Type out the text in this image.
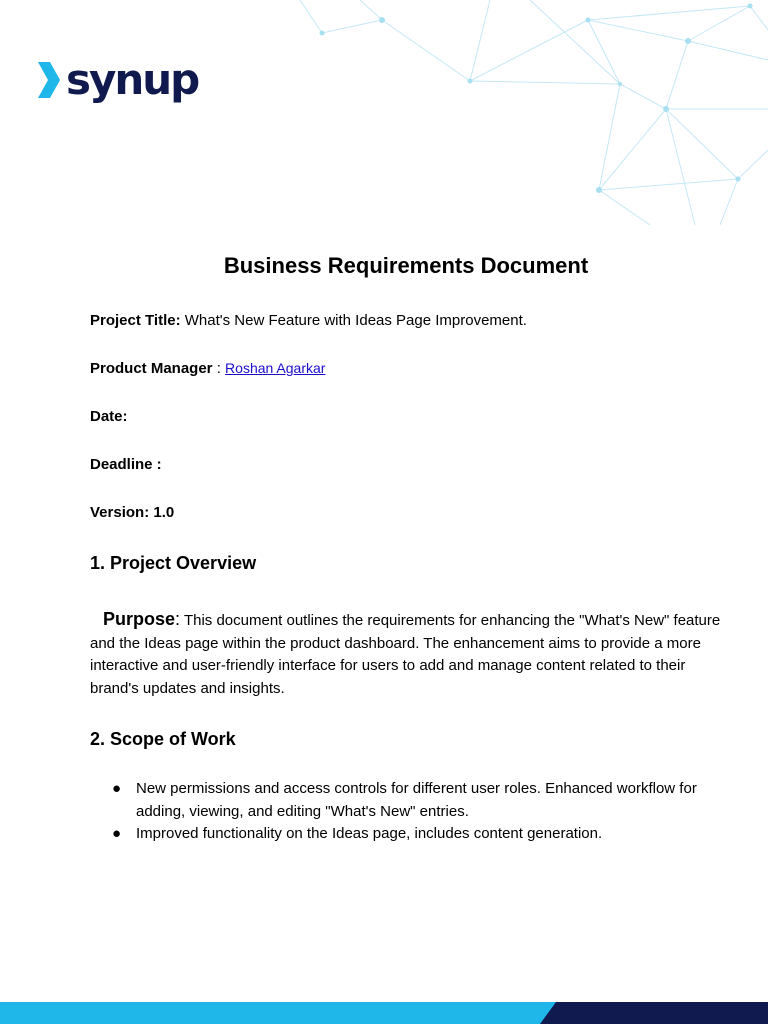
synup
Business Requirements Document
Project Title: What's New Feature with Ideas Page Improvement.
Product Manager : Roshan Agarkar
Date:
Deadline :
Version: 1.0
1. Project Overview

Purpose: This document outlines the requirements for enhancing the "What's New" feature and the Ideas page within the product dashboard. The enhancement aims to provide a more interactive and user-friendly interface for users to add and manage content related to their brand's updates and insights.

2. Scope of Work
● New permissions and access controls for different user roles. Enhanced workflow for adding, viewing, and editing "What's New" entries.
● Improved functionality on the Ideas page, includes content generation.
